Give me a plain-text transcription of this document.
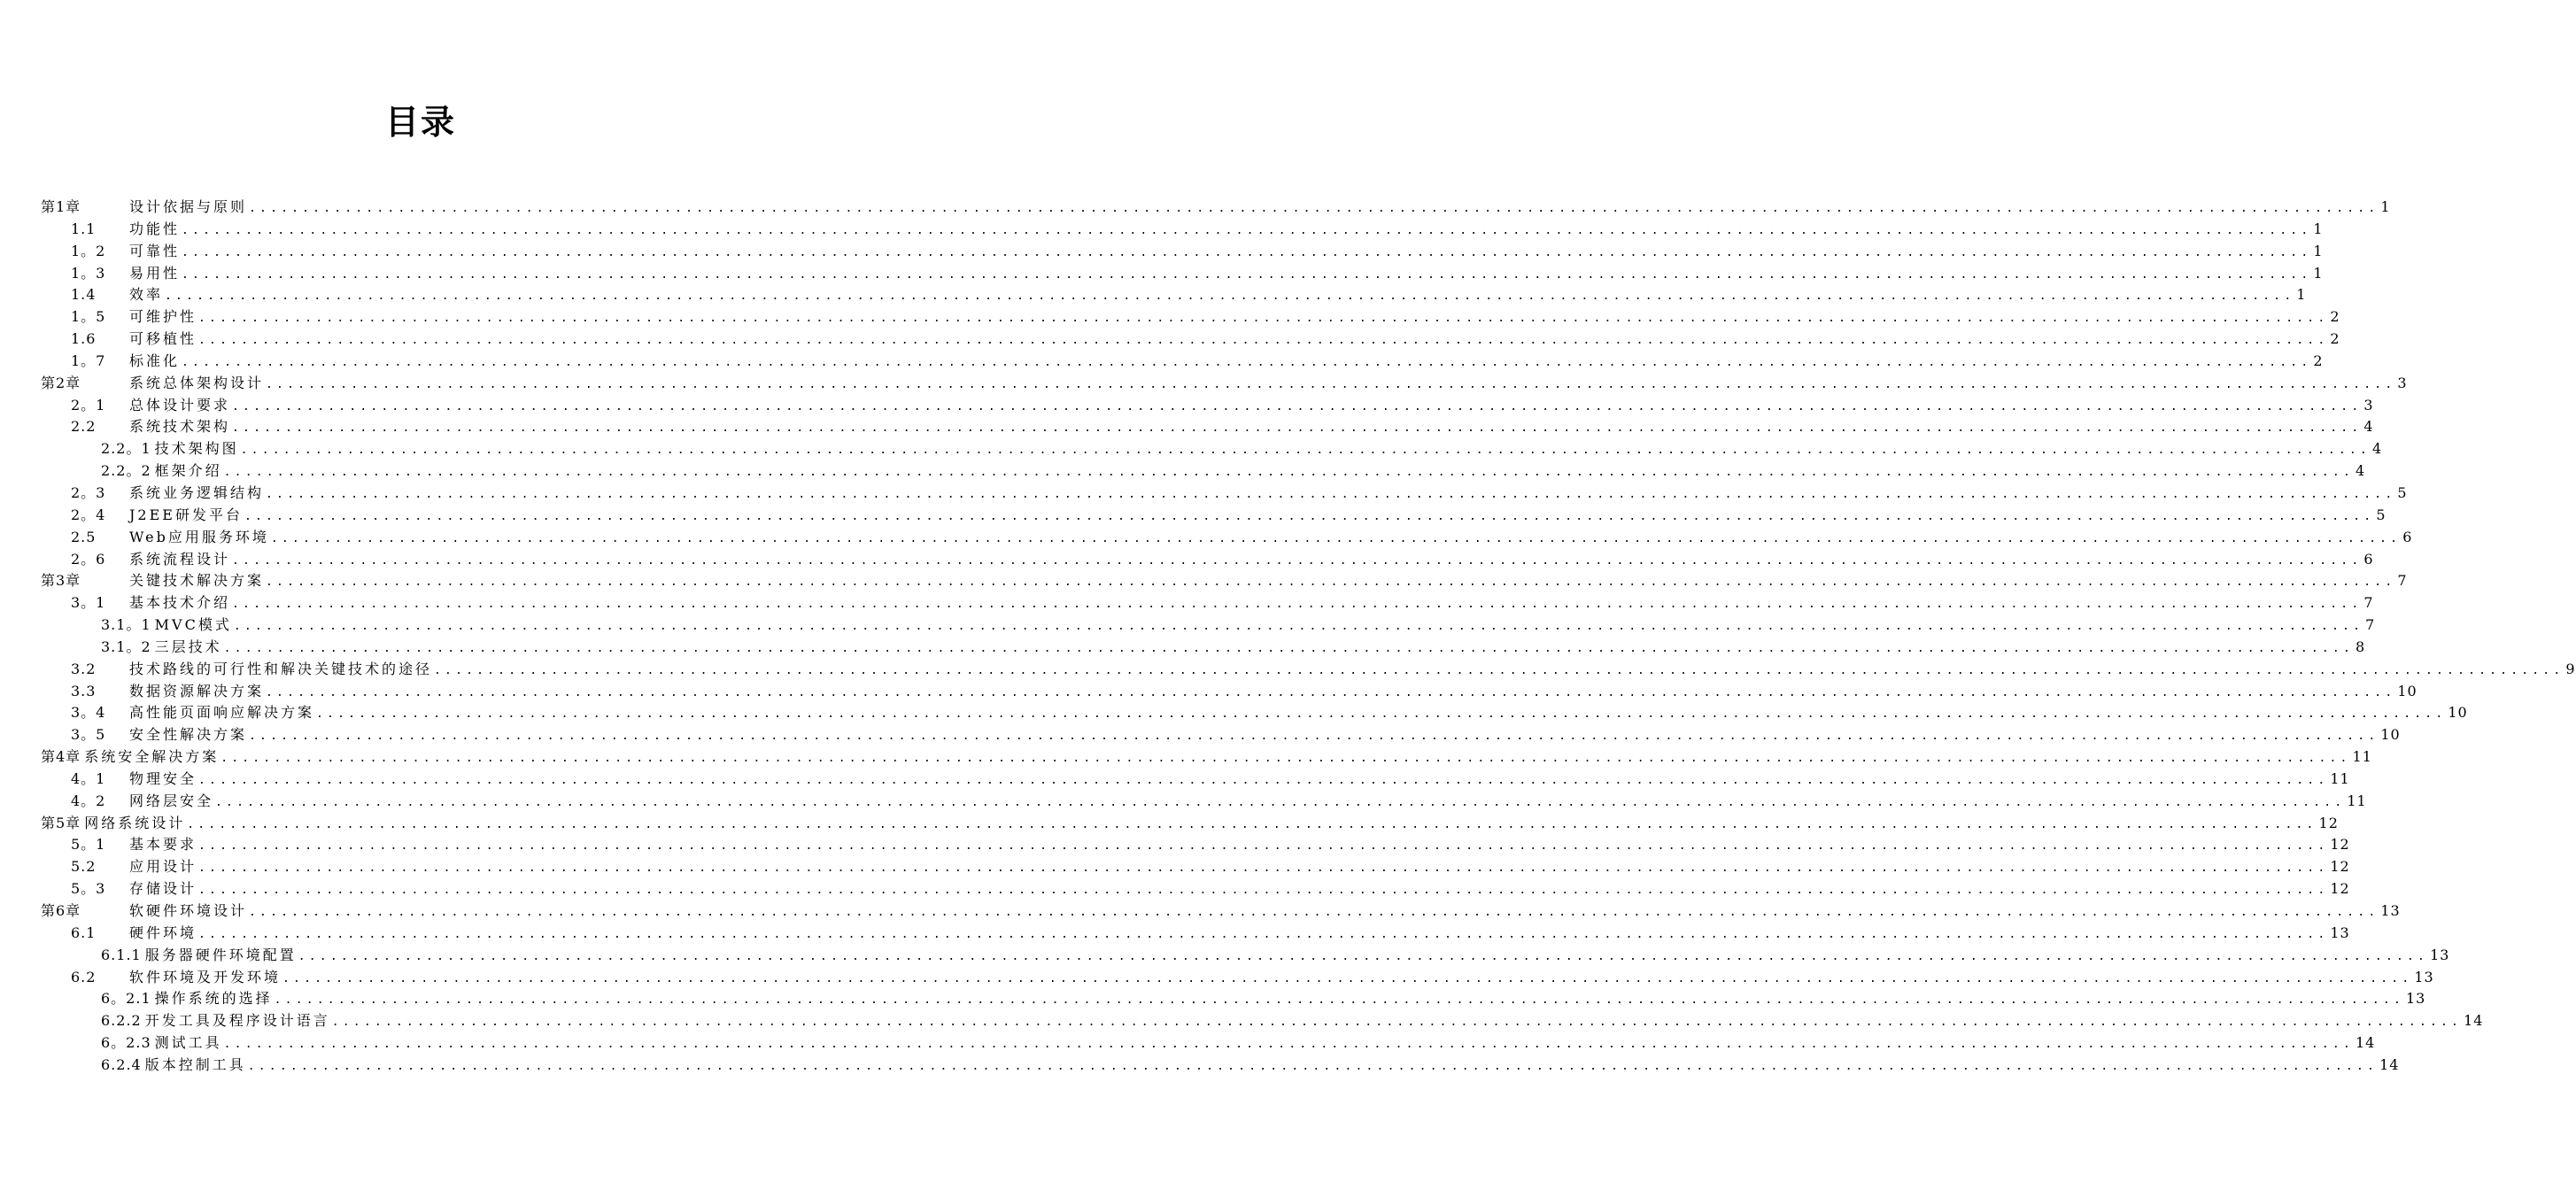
目录
第1章	设计依据与原则 ........................................................................................................................................................................................................ 1
1.1	功能性 ........................................................................................................................................................................................................ 1
1。2	可靠性 ........................................................................................................................................................................................................ 1
1。3	易用性 ........................................................................................................................................................................................................ 1
1.4	效率 ........................................................................................................................................................................................................ 1
1。5	可维护性 ........................................................................................................................................................................................................ 2
1.6	可移植性 ........................................................................................................................................................................................................ 2
1。7	标准化 ........................................................................................................................................................................................................ 2
第2章	系统总体架构设计 ........................................................................................................................................................................................................ 3
2。1	总体设计要求 ........................................................................................................................................................................................................ 3
2.2	系统技术架构 ........................................................................................................................................................................................................ 4
2.2。1 技术架构图 ........................................................................................................................................................................................................ 4
2.2。2 框架介绍 ........................................................................................................................................................................................................ 4
2。3	系统业务逻辑结构 ........................................................................................................................................................................................................ 5
2。4	J2EE研发平台 ........................................................................................................................................................................................................ 5
2.5	Web应用服务环境 ........................................................................................................................................................................................................ 6
2。6	系统流程设计 ........................................................................................................................................................................................................ 6
第3章	关键技术解决方案 ........................................................................................................................................................................................................ 7
3。1	基本技术介绍 ........................................................................................................................................................................................................ 7
3.1。1 MVC模式 ........................................................................................................................................................................................................ 7
3.1。2 三层技术 ........................................................................................................................................................................................................ 8
3.2	技术路线的可行性和解决关键技术的途径 ........................................................................................................................................................................................................ 9
3.3	数据资源解决方案 ........................................................................................................................................................................................................ 10
3。4	高性能页面响应解决方案 ........................................................................................................................................................................................................ 10
3。5	安全性解决方案 ........................................................................................................................................................................................................ 10
第4章 系统安全解决方案 ........................................................................................................................................................................................................ 11
4。1	物理安全 ........................................................................................................................................................................................................ 11
4。2	网络层安全 ........................................................................................................................................................................................................ 11
第5章 网络系统设计 ........................................................................................................................................................................................................ 12
5。1	基本要求 ........................................................................................................................................................................................................ 12
5.2	应用设计 ........................................................................................................................................................................................................ 12
5。3	存储设计 ........................................................................................................................................................................................................ 12
第6章	软硬件环境设计 ........................................................................................................................................................................................................ 13
6.1	硬件环境 ........................................................................................................................................................................................................ 13
6.1.1 服务器硬件环境配置 ........................................................................................................................................................................................................ 13
6.2	软件环境及开发环境 ........................................................................................................................................................................................................ 13
6。2.1 操作系统的选择 ........................................................................................................................................................................................................ 13
6.2.2 开发工具及程序设计语言 ........................................................................................................................................................................................................ 14
6。2.3 测试工具 ........................................................................................................................................................................................................ 14
6.2.4 版本控制工具 ........................................................................................................................................................................................................ 14
